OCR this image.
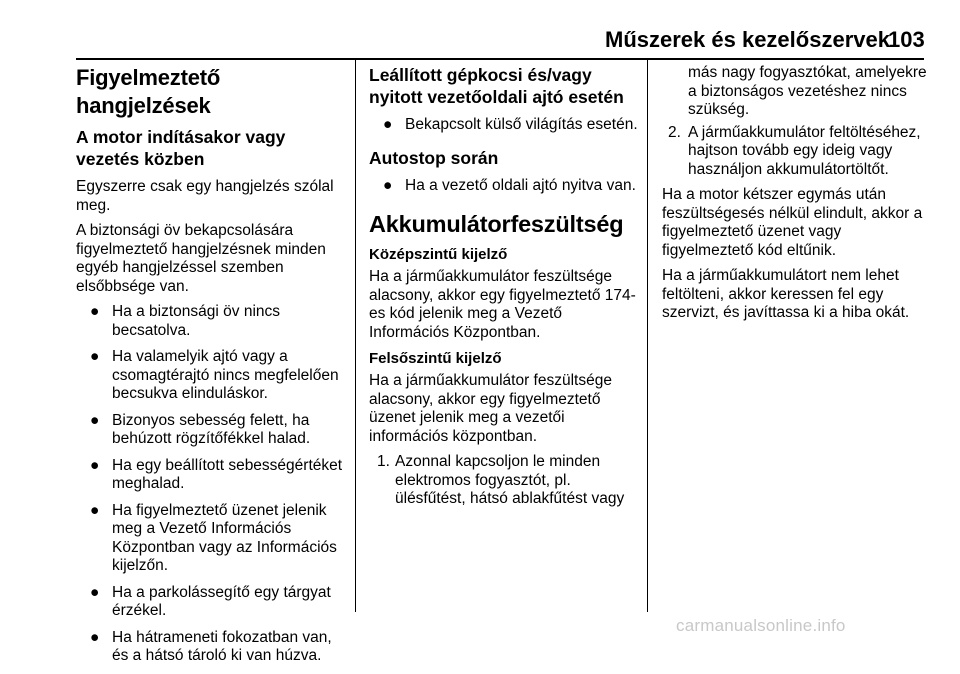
Műszerek és kezelőszervek
103
Figyelmeztető hangjelzések
A motor indításakor vagy vezetés közben

Egyszerre csak egy hangjelzés szólal meg.

A biztonsági öv bekapcsolására figyelmeztető hangjelzésnek minden egyéb hangjelzéssel szemben elsőbbsége van.

● Ha a biztonsági öv nincs becsatolva.
● Ha valamelyik ajtó vagy a csomagtérajtó nincs megfelelően becsukva elinduláskor.
● Bizonyos sebesség felett, ha behúzott rögzítőfékkel halad.
● Ha egy beállított sebességértéket meghalad.
● Ha figyelmeztető üzenet jelenik meg a Vezető Információs Központban vagy az Információs kijelzőn.
● Ha a parkolássegítő egy tárgyat érzékel.
● Ha hátrameneti fokozatban van, és a hátsó tároló ki van húzva.
Leállított gépkocsi és/vagy nyitott vezetőoldali ajtó esetén
● Bekapcsolt külső világítás esetén.
Autostop során
● Ha a vezető oldali ajtó nyitva van.
Akkumulátorfeszültség
Középszintű kijelző

Ha a járműakkumulátor feszültsége alacsony, akkor egy figyelmeztető 174-es kód jelenik meg a Vezető Információs Központban.

Felsőszintű kijelző

Ha a járműakkumulátor feszültsége alacsony, akkor egy figyelmeztető üzenet jelenik meg a vezetői információs központban.

1. Azonnal kapcsoljon le minden elektromos fogyasztót, pl. ülésfűtést, hátsó ablakfűtést vagy
más nagy fogyasztókat, amelyekre a biztonságos vezetéshez nincs szükség.
2. A járműakkumulátor feltöltéséhez, hajtson tovább egy ideig vagy használjon akkumulátortöltőt.

Ha a motor kétszer egymás után feszültségesés nélkül elindult, akkor a figyelmeztető üzenet vagy figyelmeztető kód eltűnik.

Ha a járműakkumulátort nem lehet feltölteni, akkor keressen fel egy szervizt, és javíttassa ki a hiba okát.

carmanualsonline.info
